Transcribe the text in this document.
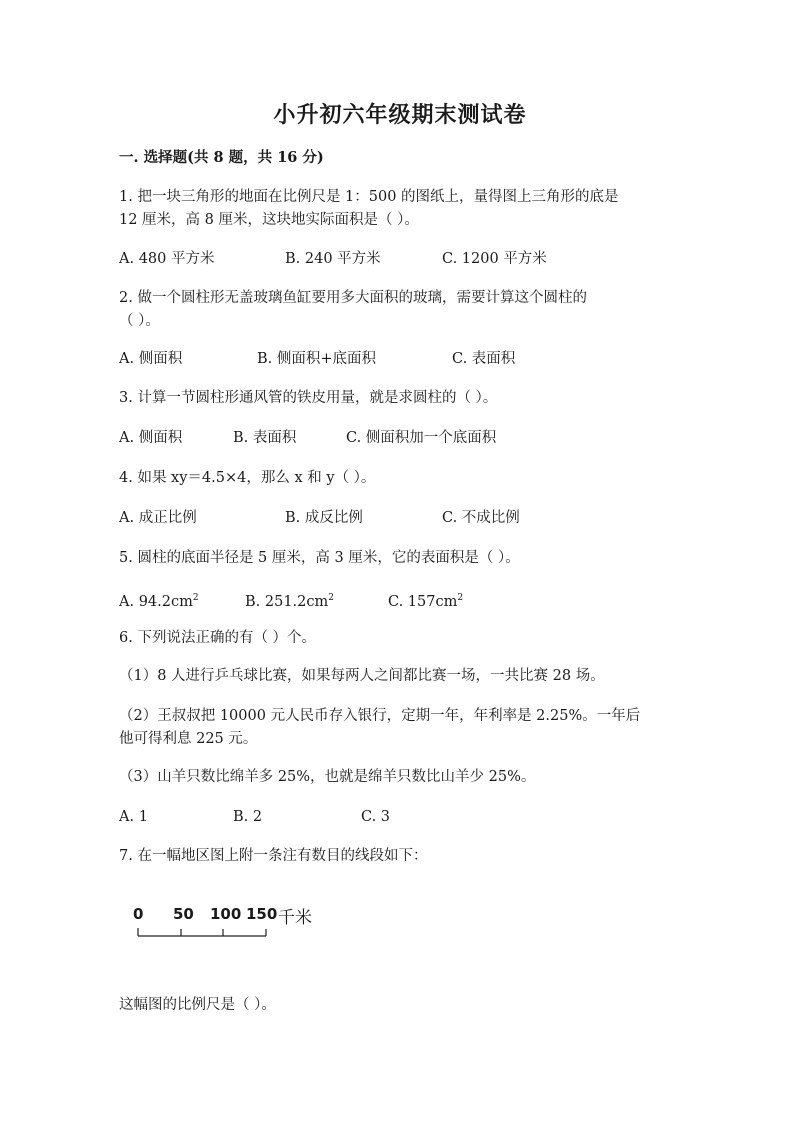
小升初六年级期末测试卷
一. 选择题(共 8 题，共 16 分)
1. 把一块三角形的地面在比例尺是 1：500 的图纸上，量得图上三角形的底是
12 厘米，高 8 厘米，这块地实际面积是（ ）。
A. 480 平方米	B. 240 平方米	C. 1200 平方米
2. 做一个圆柱形无盖玻璃鱼缸要用多大面积的玻璃，需要计算这个圆柱的
（ ）。
A. 侧面积	B. 侧面积+底面积	C. 表面积
3. 计算一节圆柱形通风管的铁皮用量，就是求圆柱的（ ）。
A. 侧面积	B. 表面积	C. 侧面积加一个底面积
4. 如果 xy＝4.5×4，那么 x 和 y（ ）。
A. 成正比例	B. 成反比例	C. 不成比例
5. 圆柱的底面半径是 5 厘米，高 3 厘米，它的表面积是（ ）。
A. $94.2cm^2$	B. $251.2cm^2$	C. $157cm^2$
6. 下列说法正确的有（ ）个。
（1）8 人进行乒乓球比赛，如果每两人之间都比赛一场，一共比赛 28 场。
（2）王叔叔把 10000 元人民币存入银行，定期一年，年利率是 2.25%。一年后
他可得利息 225 元。
（3）山羊只数比绵羊多 25%，也就是绵羊只数比山羊少 25%。
A. 1	B. 2	C. 3
7. 在一幅地区图上附一条注有数目的线段如下：
0 50 100 150 千米
这幅图的比例尺是（ ）。
